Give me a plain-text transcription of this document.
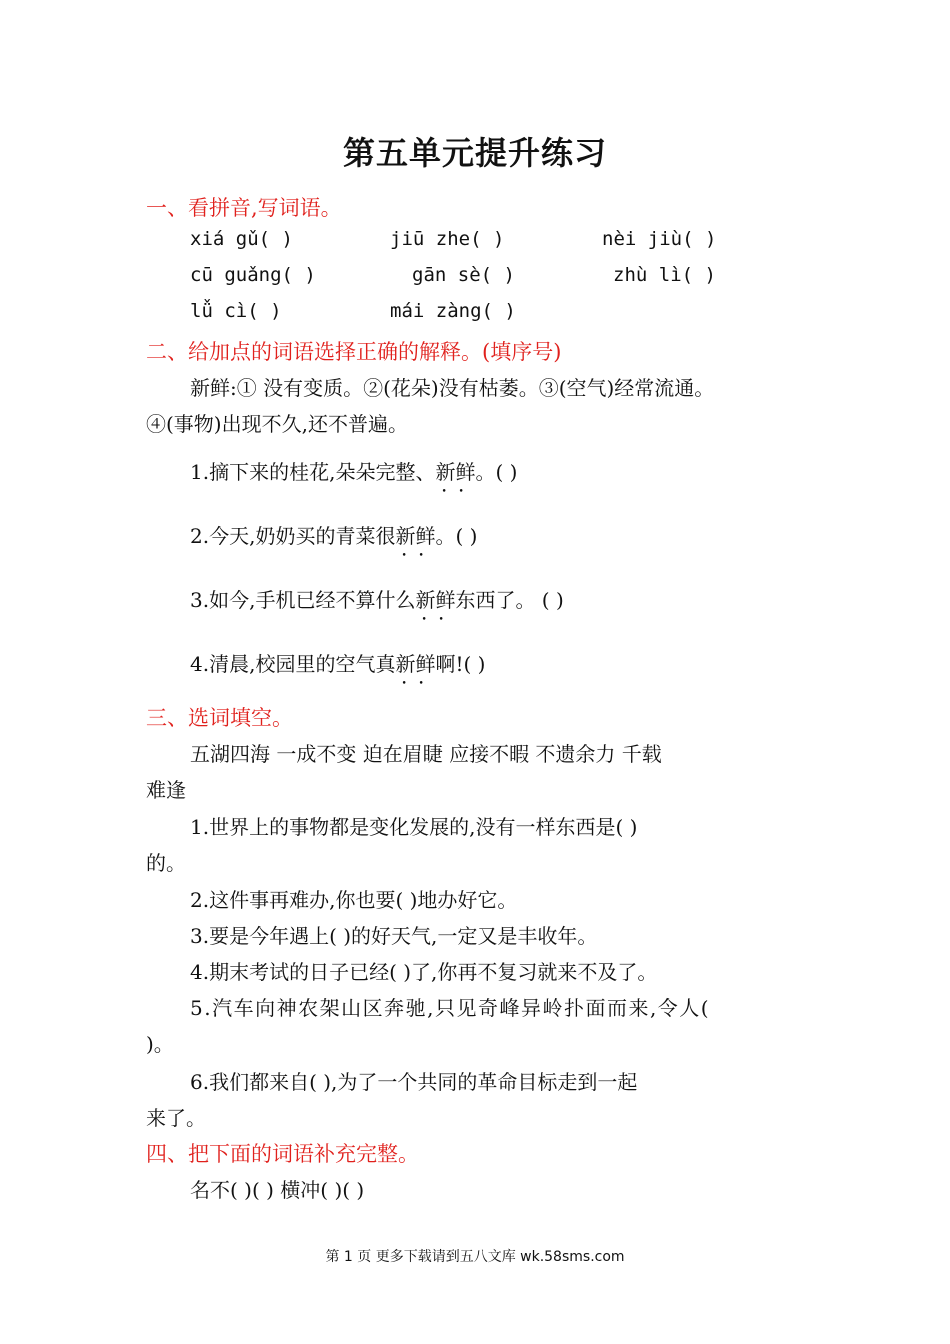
第五单元提升练习
一、看拼音,写词语。
xiá gǔ( )	jiū zhe( )	nèi jiù( )
cū guǎng( )	gān sè( )	zhù lì( )
lǚ cì( )	mái zàng( )
二、给加点的词语选择正确的解释。(填序号)
新鲜:① 没有变质。②(花朵)没有枯萎。③(空气)经常流通。
④(事物)出现不久,还不普遍。
1.摘下来的桂花,朵朵完整、新鲜 •  •。( )
2.今天,奶奶买的青菜很新鲜 •  •。( )
3.如今,手机已经不算什么新鲜 •  •东西了。 ( )
4.清晨,校园里的空气真新鲜 •  •啊!( )
三、选词填空。
五湖四海 一成不变 迫在眉睫 应接不暇 不遗余力 千载
难逢
1.世界上的事物都是变化发展的,没有一样东西是( )
的。
2.这件事再难办,你也要( )地办好它。
3.要是今年遇上( )的好天气,一定又是丰收年。
4.期末考试的日子已经( )了,你再不复习就来不及了。
5.汽车向神农架山区奔驰,只见奇峰异岭扑面而来,令人(
)。
6.我们都来自( ),为了一个共同的革命目标走到一起
来了。
四、把下面的词语补充完整。
名不( )( ) 横冲( )( )
第 1 页 更多下载请到五八文库 wk.58sms.com
